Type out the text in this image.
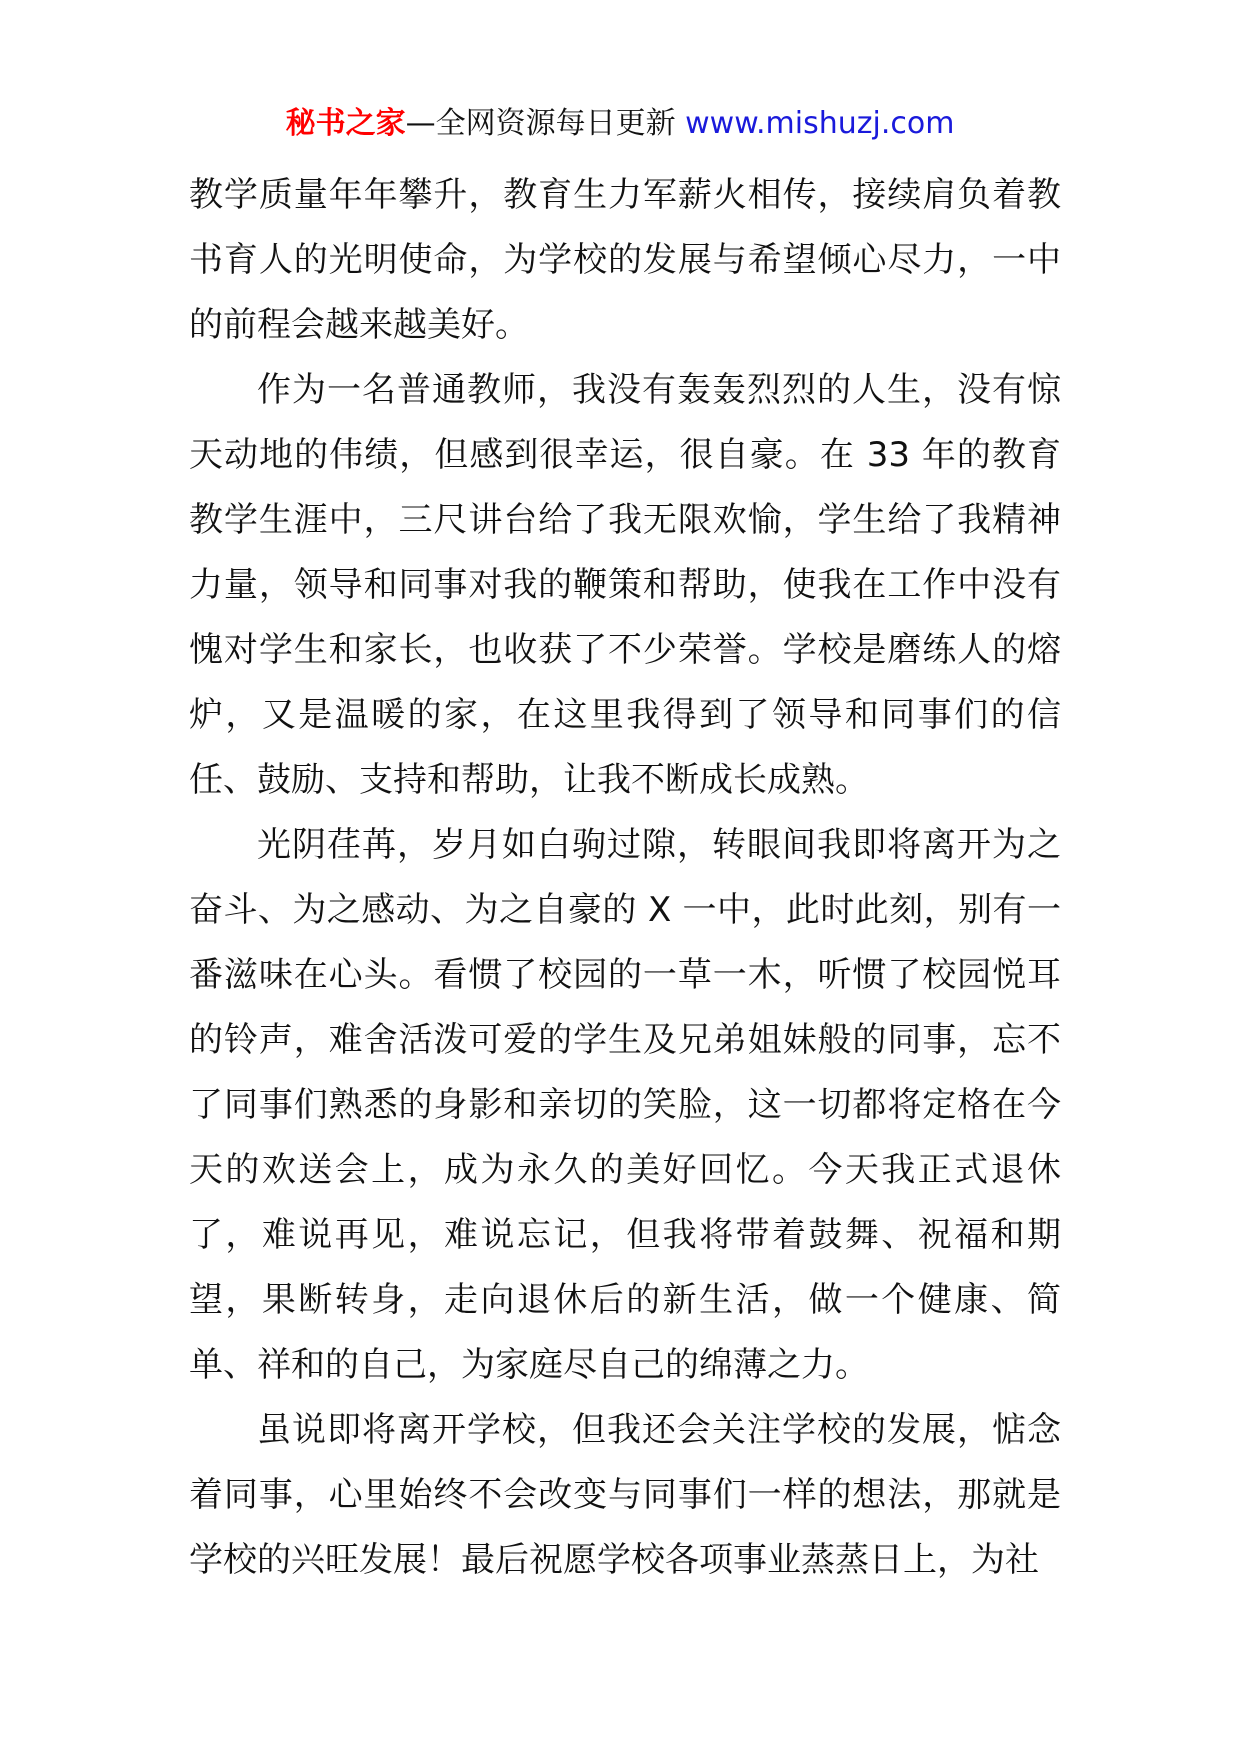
秘书之家—全网资源每日更新 www.mishuzj.com

教学质量年年攀升，教育生力军薪火相传，接续肩负着教书育人的光明使命，为学校的发展与希望倾心尽力，一中的前程会越来越美好。

作为一名普通教师，我没有轰轰烈烈的人生，没有惊天动地的伟绩，但感到很幸运，很自豪。在 33 年的教育教学生涯中，三尺讲台给了我无限欢愉，学生给了我精神力量，领导和同事对我的鞭策和帮助，使我在工作中没有愧对学生和家长，也收获了不少荣誉。学校是磨练人的熔炉，又是温暖的家，在这里我得到了领导和同事们的信任、鼓励、支持和帮助，让我不断成长成熟。

光阴荏苒，岁月如白驹过隙，转眼间我即将离开为之奋斗、为之感动、为之自豪的 X 一中，此时此刻，别有一番滋味在心头。看惯了校园的一草一木，听惯了校园悦耳的铃声，难舍活泼可爱的学生及兄弟姐妹般的同事，忘不了同事们熟悉的身影和亲切的笑脸，这一切都将定格在今天的欢送会上，成为永久的美好回忆。今天我正式退休了，难说再见，难说忘记，但我将带着鼓舞、祝福和期望，果断转身，走向退休后的新生活，做一个健康、简单、祥和的自己，为家庭尽自己的绵薄之力。

虽说即将离开学校，但我还会关注学校的发展，惦念着同事，心里始终不会改变与同事们一样的想法，那就是学校的兴旺发展！最后祝愿学校各项事业蒸蒸日上，为社
